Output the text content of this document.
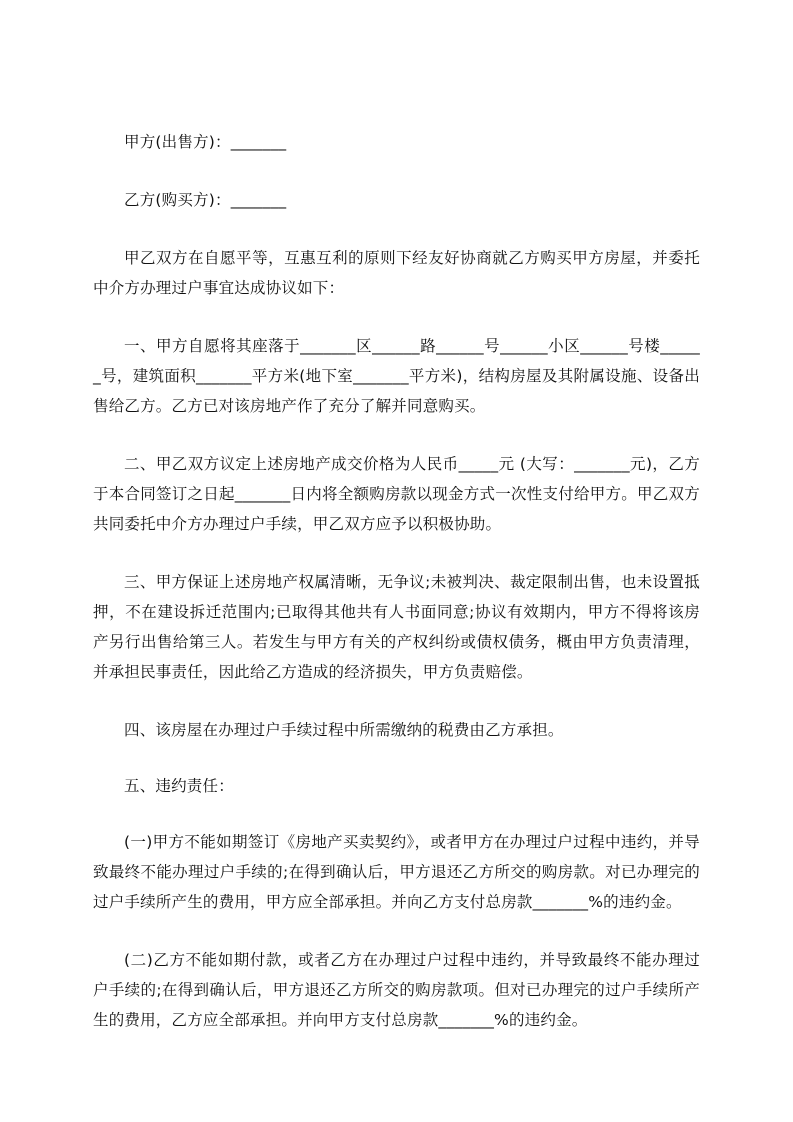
甲方(出售方)：_______

乙方(购买方)：_______

甲乙双方在自愿平等，互惠互利的原则下经友好协商就乙方购买甲方房屋，并委托中介方办理过户事宜达成协议如下：

一、甲方自愿将其座落于_______区______路______号______小区______号楼______号，建筑面积_______平方米(地下室_______平方米)，结构房屋及其附属设施、设备出售给乙方。乙方已对该房地产作了充分了解并同意购买。

二、甲乙双方议定上述房地产成交价格为人民币_____元 (大写：_______元)，乙方于本合同签订之日起_______日内将全额购房款以现金方式一次性支付给甲方。甲乙双方共同委托中介方办理过户手续，甲乙双方应予以积极协助。

三、甲方保证上述房地产权属清晰，无争议;未被判决、裁定限制出售，也未设置抵押，不在建设拆迁范围内;已取得其他共有人书面同意;协议有效期内，甲方不得将该房产另行出售给第三人。若发生与甲方有关的产权纠纷或债权债务，概由甲方负责清理，并承担民事责任，因此给乙方造成的经济损失，甲方负责赔偿。

四、该房屋在办理过户手续过程中所需缴纳的税费由乙方承担。

五、违约责任：

(一)甲方不能如期签订《房地产买卖契约》，或者甲方在办理过户过程中违约，并导致最终不能办理过户手续的;在得到确认后，甲方退还乙方所交的购房款。对已办理完的过户手续所产生的费用，甲方应全部承担。并向乙方支付总房款_______%的违约金。

(二)乙方不能如期付款，或者乙方在办理过户过程中违约，并导致最终不能办理过户手续的;在得到确认后，甲方退还乙方所交的购房款项。但对已办理完的过户手续所产生的费用，乙方应全部承担。并向甲方支付总房款_______%的违约金。
